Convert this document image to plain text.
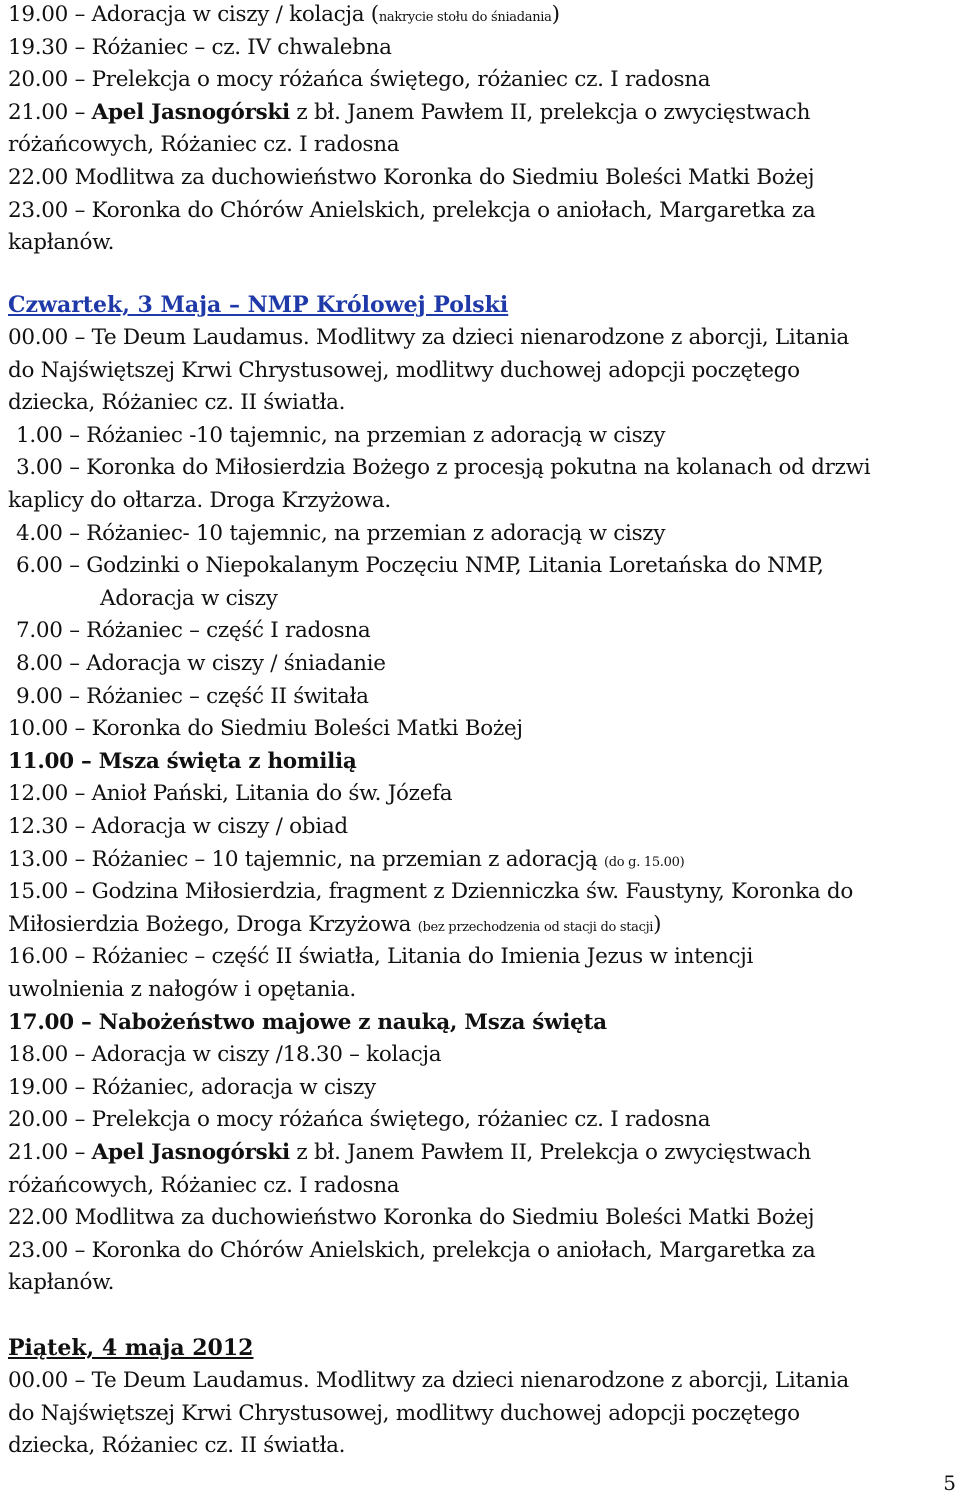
19.00 – Adoracja w ciszy / kolacja (nakrycie stołu do śniadania)
19.30 – Różaniec – cz. IV chwalebna
20.00 – Prelekcja o mocy różańca świętego, różaniec cz. I radosna
21.00 – Apel Jasnogórski z bł. Janem Pawłem II, prelekcja o zwycięstwach
różańcowych, Różaniec cz. I radosna
22.00 Modlitwa za duchowieństwo Koronka do Siedmiu Boleści Matki Bożej
23.00 – Koronka do Chórów Anielskich, prelekcja o aniołach, Margaretka za
kapłanów.
Czwartek, 3 Maja – NMP Królowej Polski
00.00 – Te Deum Laudamus. Modlitwy za dzieci nienarodzone z aborcji, Litania
do Najświętszej Krwi Chrystusowej, modlitwy duchowej adopcji poczętego
dziecka, Różaniec cz. II światła.
1.00 – Różaniec -10 tajemnic, na przemian z adoracją w ciszy
3.00 – Koronka do Miłosierdzia Bożego z procesją pokutna na kolanach od drzwi
kaplicy do ołtarza. Droga Krzyżowa.
4.00 – Różaniec- 10 tajemnic, na przemian z adoracją w ciszy
6.00 – Godzinki o Niepokalanym Poczęciu NMP, Litania Loretańska do NMP,
Adoracja w ciszy
7.00 – Różaniec – część I radosna
8.00 – Adoracja w ciszy / śniadanie
9.00 – Różaniec – część II świtała
10.00 – Koronka do Siedmiu Boleści Matki Bożej
11.00 – Msza święta z homilią
12.00 – Anioł Pański, Litania do św. Józefa
12.30 – Adoracja w ciszy / obiad
13.00 – Różaniec – 10 tajemnic, na przemian z adoracją (do g. 15.00)
15.00 – Godzina Miłosierdzia, fragment z Dzienniczka św. Faustyny, Koronka do
Miłosierdzia Bożego, Droga Krzyżowa (bez przechodzenia od stacji do stacji)
16.00 – Różaniec – część II światła, Litania do Imienia Jezus w intencji
uwolnienia z nałogów i opętania.
17.00 – Nabożeństwo majowe z nauką, Msza święta
18.00 – Adoracja w ciszy /18.30 – kolacja
19.00 – Różaniec, adoracja w ciszy
20.00 – Prelekcja o mocy różańca świętego, różaniec cz. I radosna
21.00 – Apel Jasnogórski z bł. Janem Pawłem II, Prelekcja o zwycięstwach
różańcowych, Różaniec cz. I radosna
22.00 Modlitwa za duchowieństwo Koronka do Siedmiu Boleści Matki Bożej
23.00 – Koronka do Chórów Anielskich, prelekcja o aniołach, Margaretka za
kapłanów.
Piątek, 4 maja 2012
00.00 – Te Deum Laudamus. Modlitwy za dzieci nienarodzone z aborcji, Litania
do Najświętszej Krwi Chrystusowej, modlitwy duchowej adopcji poczętego
dziecka, Różaniec cz. II światła.
5
